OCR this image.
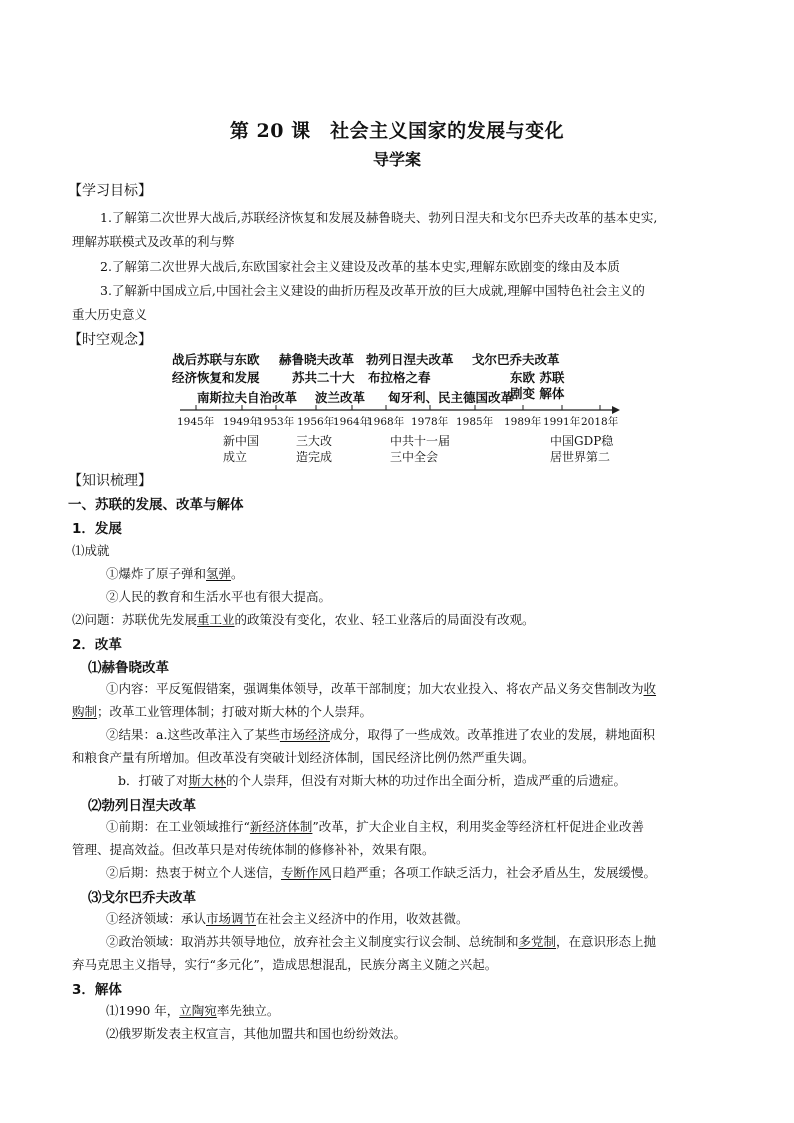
第 20 课　社会主义国家的发展与变化
导学案
【学习目标】
1.了解第二次世界大战后,苏联经济恢复和发展及赫鲁晓夫、勃列日涅夫和戈尔巴乔夫改革的基本史实,
理解苏联模式及改革的利与弊
2.了解第二次世界大战后,东欧国家社会主义建设及改革的基本史实,理解东欧剧变的缘由及本质
3.了解新中国成立后,中国社会主义建设的曲折历程及改革开放的巨大成就,理解中国特色社会主义的
重大历史意义
【时空观念】
战后苏联与东欧
经济恢复和发展
赫鲁晓夫改革
苏共二十大
勃列日涅夫改革
布拉格之春
戈尔巴乔夫改革
东欧 苏联
剧变 解体
南斯拉夫自治改革 波兰改革 匈牙利、民主德国改革
1945年 1949年
1953年 1956年
1964年
1968年 1978年 1985年 1989年 1991年 2018年
新中国
成立
三大改
造完成
中共十一届
三中全会
中国GDP稳
居世界第二
【知识梳理】
一、苏联的发展、改革与解体
1．发展
⑴成就
①爆炸了原子弹和氢弹。
②人民的教育和生活水平也有很大提高。
⑵问题：苏联优先发展重工业的政策没有变化，农业、轻工业落后的局面没有改观。
2．改革
⑴赫鲁晓改革
①内容：平反冤假错案，强调集体领导，改革干部制度；加大农业投入、将农产品义务交售制改为收
购制；改革工业管理体制；打破对斯大林的个人崇拜。
②结果：a.这些改革注入了某些市场经济成分，取得了一些成效。改革推进了农业的发展，耕地面积
和粮食产量有所增加。但改革没有突破计划经济体制，国民经济比例仍然严重失调。
b．打破了对斯大林的个人崇拜，但没有对斯大林的功过作出全面分析，造成严重的后遗症。
⑵勃列日涅夫改革
①前期：在工业领域推行“新经济体制”改革，扩大企业自主权，利用奖金等经济杠杆促进企业改善
管理、提高效益。但改革只是对传统体制的修修补补，效果有限。
②后期：热衷于树立个人迷信，专断作风日趋严重；各项工作缺乏活力，社会矛盾丛生，发展缓慢。
⑶戈尔巴乔夫改革
①经济领域：承认市场调节在社会主义经济中的作用，收效甚微。
②政治领域：取消苏共领导地位，放弃社会主义制度实行议会制、总统制和多党制，在意识形态上抛
弃马克思主义指导，实行“多元化”，造成思想混乱，民族分离主义随之兴起。
3．解体
⑴1990 年，立陶宛率先独立。
⑵俄罗斯发表主权宣言，其他加盟共和国也纷纷效法。
